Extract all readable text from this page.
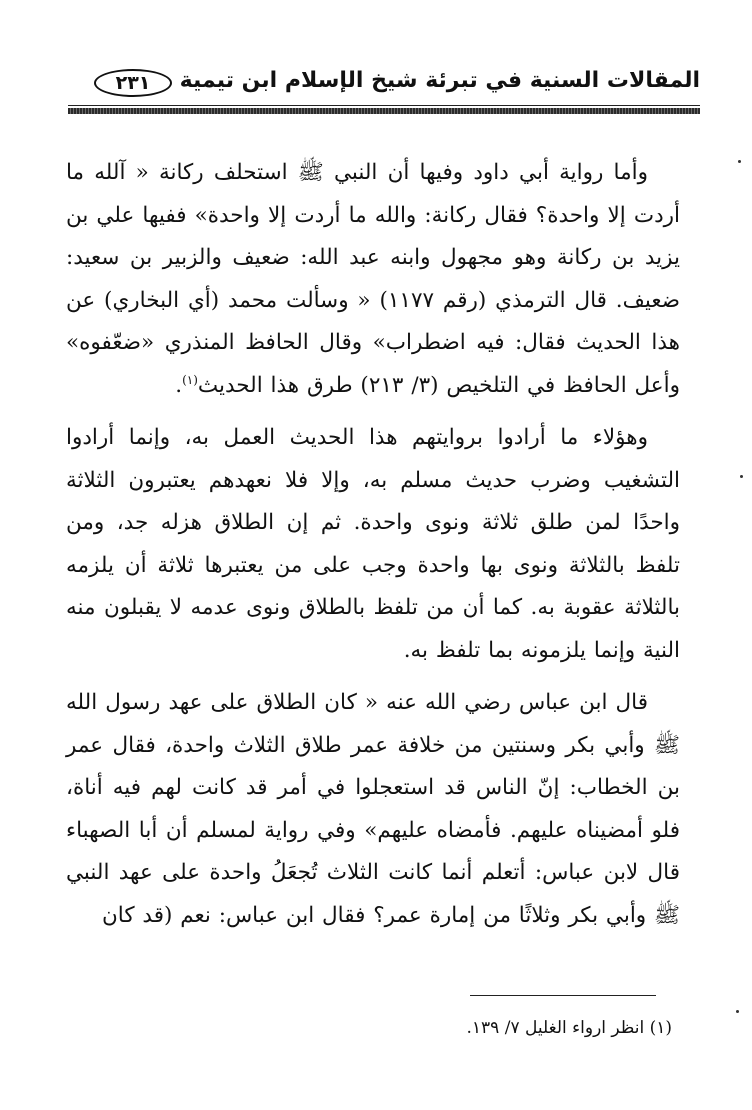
المقالات السنية في تبرئة شيخ الإسلام ابن تيمية
٢٣١

وأما رواية أبي داود وفيها أن النبي ﷺ استحلف ركانة « آلله ما أردت إلا واحدة؟ فقال ركانة: والله ما أردت إلا واحدة» ففيها علي بن يزيد بن ركانة وهو مجهول وابنه عبد الله: ضعيف والزبير بن سعيد: ضعيف. قال الترمذي (رقم ١١٧٧) « وسألت محمد (أي البخاري) عن هذا الحديث فقال: فيه اضطراب» وقال الحافظ المنذري «ضعّفوه» وأعل الحافظ في التلخيص (٣/ ٢١٣) طرق هذا الحديث$^{(١)}$.

وهؤلاء ما أرادوا بروايتهم هذا الحديث العمل به، وإنما أرادوا التشغيب وضرب حديث مسلم به، وإلا فلا نعهدهم يعتبرون الثلاثة واحدًا لمن طلق ثلاثة ونوى واحدة. ثم إن الطلاق هزله جد، ومن تلفظ بالثلاثة ونوى بها واحدة وجب على من يعتبرها ثلاثة أن يلزمه بالثلاثة عقوبة به. كما أن من تلفظ بالطلاق ونوى عدمه لا يقبلون منه النية وإنما يلزمونه بما تلفظ به.

قال ابن عباس رضي الله عنه « كان الطلاق على عهد رسول الله ﷺ وأبي بكر وسنتين من خلافة عمر طلاق الثلاث واحدة، فقال عمر بن الخطاب: إنّ الناس قد استعجلوا في أمر قد كانت لهم فيه أناة، فلو أمضيناه عليهم. فأمضاه عليهم» وفي رواية لمسلم أن أبا الصهباء قال لابن عباس: أتعلم أنما كانت الثلاث تُجعَلُ واحدة على عهد النبي ﷺ وأبي بكر وثلاثًا من إمارة عمر؟ فقال ابن عباس: نعم (قد كان

(١) انظر ارواء الغليل ٧/ ١٣٩.
